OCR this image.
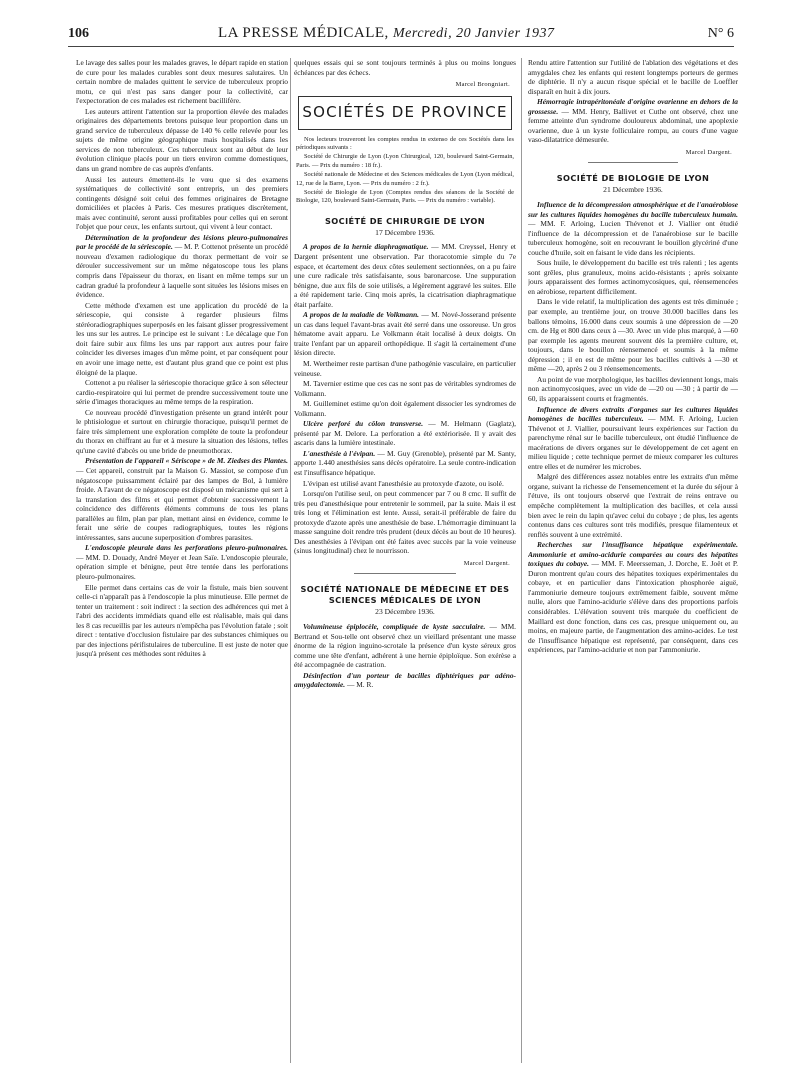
106	LA PRESSE MÉDICALE, Mercredi, 20 Janvier 1937	N° 6

Le lavage des salles pour les malades graves, le départ rapide en station de cure pour les malades curables sont deux mesures salutaires. Un certain nombre de malades quittent le service de tuberculeux proprio motu, ce qui n'est pas sans danger pour la collectivité, car l'expectoration de ces malades est richement bacillifère.

Les auteurs attirent l'attention sur la proportion élevée des malades originaires des départements bretons puisque leur proportion dans un grand service de tuberculeux dépasse de 140 % celle relevée pour les sujets de même origine géographique mais hospitalisés dans les services de non tuberculeux. Ces tuberculeux sont au début de leur évolution clinique placés pour un tiers environ comme domestiques, dans un grand nombre de cas auprès d'enfants.

Aussi les auteurs émettent-ils le vœu que si des examens systématiques de collectivité sont entrepris, un des premiers contingents désigné soit celui des femmes originaires de Bretagne domiciliées et placées à Paris. Ces mesures pratiques discrètement, mais avec continuité, seront aussi profitables pour celles qui en seront l'objet que pour ceux, les enfants surtout, qui vivent à leur contact.

Détermination de la profondeur des lésions pleuro-pulmonaires par le procédé de la sériescopie. — M. P. Cottenot présente un procédé nouveau d'examen radiologique du thorax permettant de voir se dérouler successivement sur un même négatoscope tous les plans compris dans l'épaisseur du thorax, en lisant en même temps sur un cadran gradué la profondeur à laquelle sont situées les lésions mises en évidence.

Cette méthode d'examen est une application du procédé de la sériescopie, qui consiste à regarder plusieurs films stéréoradiographiques superposés en les faisant glisser progressivement les uns sur les autres. Le principe est le suivant : Le décalage que l'on doit faire subir aux films les uns par rapport aux autres pour faire coïncider les diverses images d'un même point, et par conséquent pour en avoir une image nette, est d'autant plus grand que ce point est plus éloigné de la plaque.

Cottenot a pu réaliser la sériescopie thoracique grâce à son sélecteur cardio-respiratoire qui lui permet de prendre successivement toute une série d'images thoraciques au même temps de la respiration.

Ce nouveau procédé d'investigation présente un grand intérêt pour le phtisiologue et surtout en chirurgie thoracique, puisqu'il permet de faire très simplement une exploration complète de toute la profondeur du thorax en chiffrant au fur et à mesure la situation des lésions, telles qu'une cavité d'abcès ou une bride de pneumothorax.

Présentation de l'appareil « Sériscope » de M. Ziedses des Plantes. — Cet appareil, construit par la Maison G. Massiot, se compose d'un négatoscope puissamment éclairé par des lampes de Bol, à lumière froide. A l'avant de ce négatoscope est disposé un mécanisme qui sert à la translation des films et qui permet d'obtenir successivement la coïncidence des différents éléments communs de tous les plans parallèles au film, plan par plan, mettant ainsi en évidence, comme le ferait une série de coupes radiographiques, toutes les régions intéressantes, sans aucune superposition d'ombres parasites.

L'endoscopie pleurale dans les perforations pleuro-pulmonaires. — MM. D. Douady, André Meyer et Jean Saïe. L'endoscopie pleurale, opération simple et bénigne, peut être tentée dans les perforations pleuro-pulmonaires.

Elle permet dans certains cas de voir la fistule, mais bien souvent celle-ci n'apparaît pas à l'endoscopie la plus minutieuse. Elle permet de tenter un traitement : soit indirect : la section des adhérences qui met à l'abri des accidents immédiats quand elle est réalisable, mais qui dans les 8 cas recueillis par les auteurs n'empêcha pas l'évolution fatale ; soit direct : tentative d'occlusion fistulaire par des substances chimiques ou par des injections périfistulaires de tuberculine. Il est juste de noter que jusqu'à présent ces méthodes sont réduites à

quelques essais qui se sont toujours terminés à plus ou moins longues échéances par des échecs.

Marcel Brongniart.

SOCIÉTÉS DE PROVINCE

Nos lecteurs trouveront les comptes rendus in extenso de ces Sociétés dans les périodiques suivants :

Société de Chirurgie de Lyon (Lyon Chirurgical, 120, boulevard Saint-Germain, Paris. — Prix du numéro : 18 fr.).

Société nationale de Médecine et des Sciences médicales de Lyon (Lyon médical, 12, rue de la Barre, Lyon. — Prix du numéro : 2 fr.).

Société de Biologie de Lyon (Comptes rendus des séances de la Société de Biologie, 120, boulevard Saint-Germain, Paris. — Prix du numéro : variable).

SOCIÉTÉ DE CHIRURGIE DE LYON

17 Décembre 1936.

A propos de la hernie diaphragmatique. — MM. Creyssel, Henry et Dargent présentent une observation. Par thoracotomie simple du 7e espace, et écartement des deux côtes seulement sectionnées, on a pu faire une cure radicale très satisfaisante, sous baronarcose. Une suppuration bénigne, due aux fils de soie utilisés, a légèrement aggravé les suites. Elle a été rapidement tarie. Cinq mois après, la cicatrisation diaphragmatique était parfaite.

A propos de la maladie de Volkmann. — M. Nové-Josserand présente un cas dans lequel l'avant-bras avait été serré dans une ossoreuse. Un gros hématome avait apparu. Le Volkmann était localisé à deux doigts. On traite l'enfant par un appareil orthopédique. Il s'agit là certainement d'une lésion directe.

M. Wertheimer reste partisan d'une pathogénie vasculaire, en particulier veineuse.

M. Tavernier estime que ces cas ne sont pas de véritables syndromes de Volkmann.

M. Guilleminet estime qu'on doit également dissocier les syndromes de Volkmann.

Ulcère perforé du côlon transverse. — M. Helmann (Gaglatz), présenté par M. Delore. La perforation a été extériorisée. Il y avait des ascaris dans la lumière intestinale.

L'anesthésie à l'évipan. — M. Guy (Grenoble), présenté par M. Santy, apporte 1.440 anesthésies sans décès opératoire. La seule contre-indication est l'insuffisance hépatique.

L'évipan est utilisé avant l'anesthésie au protoxyde d'azote, ou isolé.

Lorsqu'on l'utilise seul, on peut commencer par 7 ou 8 cmc. Il suffit de très peu d'anesthésique pour entretenir le sommeil, par la suite. Mais il est très long et l'élimination est lente. Aussi, serait-il préférable de faire du protoxyde d'azote après une anesthésie de base. L'hémorragie diminuant la masse sanguine doit rendre très prudent (deux décès au bout de 10 heures). Des anesthésies à l'évipan ont été faites avec succès par la voie veineuse (sinus longitudinal) chez le nourrisson.

Marcel Dargent.

SOCIÉTÉ NATIONALE DE MÉDECINE ET DES SCIENCES MÉDICALES DE LYON

23 Décembre 1936.

Volumineuse épiplocèle, compliquée de kyste sacculaire. — MM. Bertrand et Sou-telle ont observé chez un vieillard présentant une masse énorme de la région inguino-scrotale la présence d'un kyste séreux gros comme une tête d'enfant, adhérent à une hernie épiploïque. Son exérèse a été accompagnée de castration.

Désinfection d'un porteur de bacilles diphtériques par adéno-amygdalectomie. — M. R.

Rendu attire l'attention sur l'utilité de l'ablation des végétations et des amygdales chez les enfants qui restent longtemps porteurs de germes de diphtérie. Il n'y a aucun risque spécial et le bacille de Loeffler disparaît en huit à dix jours.

Hémorragie intrapéritonéale d'origine ovarienne en dehors de la grossesse. — MM. Henry, Ballivet et Cuthe ont observé, chez une femme atteinte d'un syndrome douloureux abdominal, une apoplexie ovarienne, due à un kyste folliculaire rompu, au cours d'une vague vaso-dilatatrice démesurée.

Marcel Dargent.

SOCIÉTÉ DE BIOLOGIE DE LYON

21 Décembre 1936.

Influence de la décompression atmosphérique et de l'anaérobiose sur les cultures liquides homogènes du bacille tuberculeux humain. — MM. F. Arloing, Lucien Thévenot et J. Viallier ont étudié l'influence de la décompression et de l'anaérobiose sur le bacille tuberculeux homogène, soit en recouvrant le bouillon glycériné d'une couche d'huile, soit en faisant le vide dans les récipients.

Sous huile, le développement du bacille est très ralenti ; les agents sont grêles, plus granuleux, moins acido-résistants ; après soixante jours apparaissent des formes actinomycosiques, qui, réensemencées en aérobiose, repartent difficilement.

Dans le vide relatif, la multiplication des agents est très diminuée ; par exemple, au trentième jour, on trouve 30.000 bacilles dans les ballons témoins, 16.000 dans ceux soumis à une dépression de —20 cm. de Hg et 800 dans ceux à —30. Avec un vide plus marqué, à —60 par exemple les agents meurent souvent dès la première culture, et, toujours, dans le bouillon réensemencé et soumis à la même dépression ; il en est de même pour les bacilles cultivés à —30 et même —20, après 2 ou 3 réensemencements.

Au point de vue morphologique, les bacilles deviennent longs, mais non actinomycosiques, avec un vide de —20 ou —30 ; à partir de —60, ils apparaissent courts et fragmentés.

Influence de divers extraits d'organes sur les cultures liquides homogènes de bacilles tuberculeux. — MM. F. Arloing, Lucien Thévenot et J. Viallier, poursuivant leurs expériences sur l'action du parenchyme rénal sur le bacille tuberculeux, ont étudié l'influence de macérations de divers organes sur le développement de cet agent en milieu liquide ; cette technique permet de mieux comparer les cultures entre elles et de numérer les microbes.

Malgré des différences assez notables entre les extraits d'un même organe, suivant la richesse de l'ensemencement et la durée du séjour à l'étuve, ils ont toujours observé que l'extrait de reins entrave ou empêche complètement la multiplication des bacilles, et cela aussi bien avec le rein du lapin qu'avec celui du cobaye ; de plus, les agents contenus dans ces cultures sont très modifiés, presque filamenteux et renflés souvent à une extrémité.

Recherches sur l'insuffisance hépatique expérimentale. Ammoniurie et amino-acidurie comparées au cours des hépatites toxiques du cobaye. — MM. F. Meersseman, J. Dorche, E. Joët et P. Duron montrent qu'au cours des hépatites toxiques expérimentales du cobaye, et en particulier dans l'intoxication phosphorée aiguë, l'ammoniurie demeure toujours extrêmement faible, souvent même nulle, alors que l'amino-acidurie s'élève dans des proportions parfois considérables. L'élévation souvent très marquée du coefficient de Maillard est donc fonction, dans ces cas, presque uniquement ou, au moins, en majeure partie, de l'augmentation des amino-acides. Le test de l'insuffisance hépatique est représenté, par conséquent, dans ces expériences, par l'amino-acidurie et non par l'ammoniurie.
